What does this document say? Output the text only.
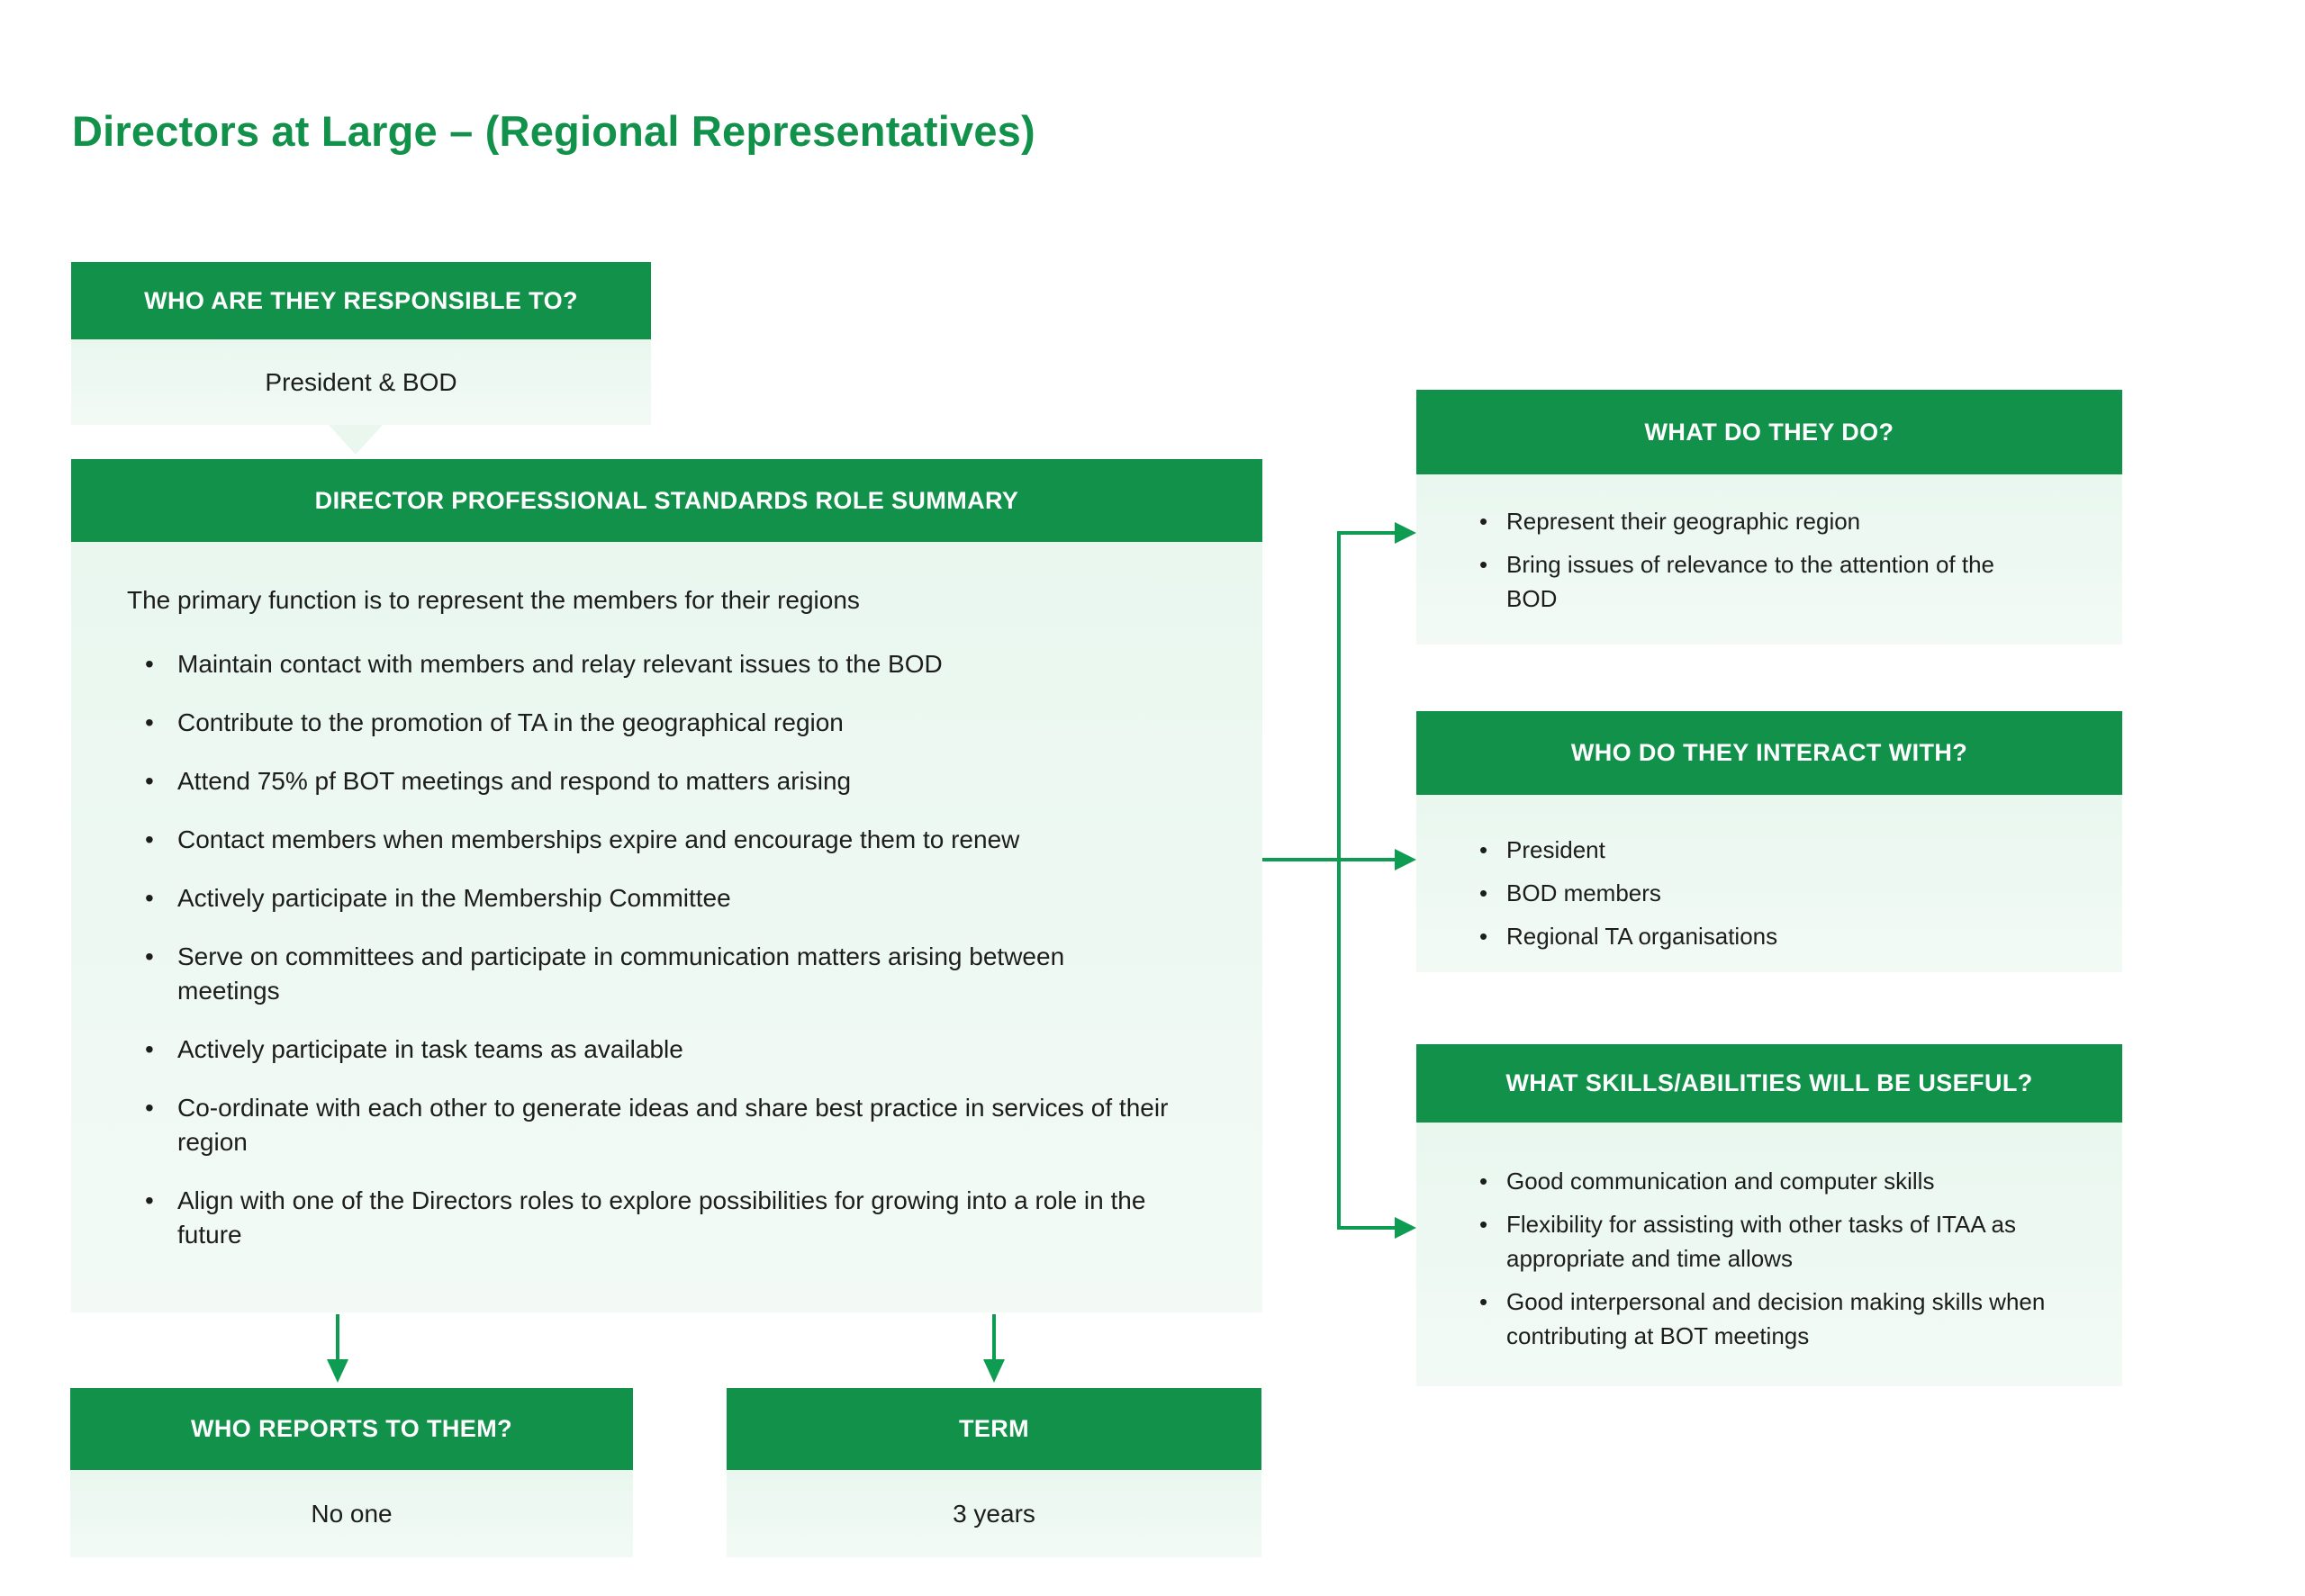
Directors at Large – (Regional Representatives)
WHO ARE THEY RESPONSIBLE TO?
President & BOD
DIRECTOR PROFESSIONAL STANDARDS ROLE SUMMARY

The primary function is to represent the members for their regions

• Maintain contact with members and relay relevant issues to the BOD
• Contribute to the promotion of TA in the geographical region
• Attend 75% pf BOT meetings and respond to matters arising
• Contact members when memberships expire and encourage them to renew
• Actively participate in the Membership Committee
• Serve on committees and participate in communication matters arising between meetings
• Actively participate in task teams as available
• Co-ordinate with each other to generate ideas and share best practice in services of their region
• Align with one of the Directors roles to explore possibilities for growing into a role in the future
WHAT DO THEY DO?
• Represent their geographic region
• Bring issues of relevance to the attention of the BOD
WHO DO THEY INTERACT WITH?
• President
• BOD members
• Regional TA organisations
WHAT SKILLS/ABILITIES WILL BE USEFUL?
• Good communication and computer skills
• Flexibility for assisting with other tasks of ITAA as appropriate and time allows
• Good interpersonal and decision making skills when contributing at BOT meetings
WHO REPORTS TO THEM?
No one
TERM
3 years
